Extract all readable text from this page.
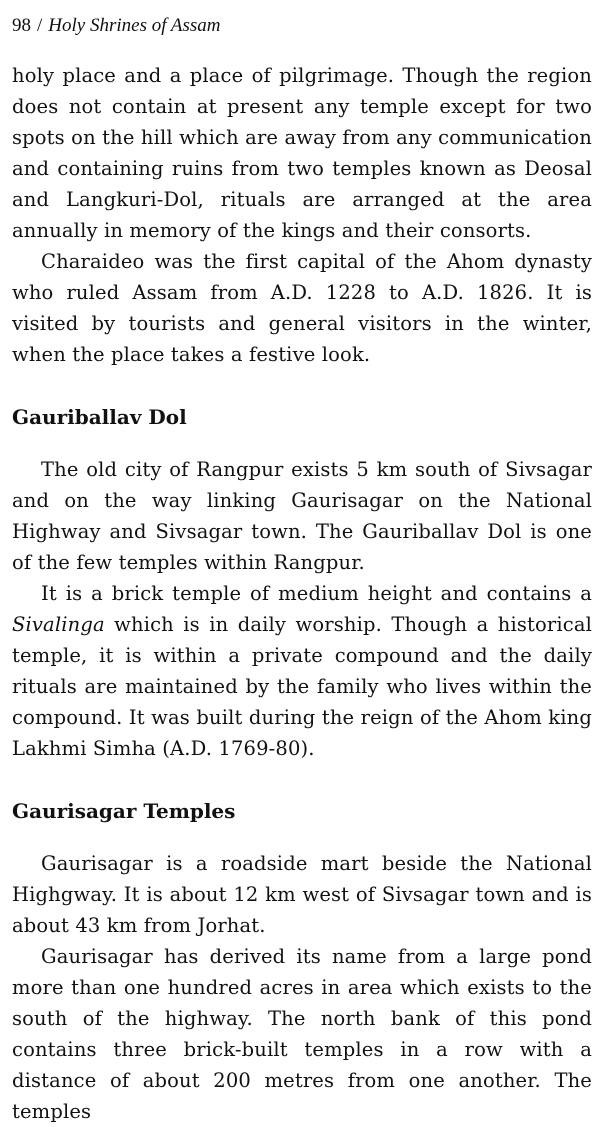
98 / Holy Shrines of Assam

holy place and a place of pilgrimage. Though the region does not contain at present any temple except for two spots on the hill which are away from any communication and containing ruins from two temples known as Deosal and Langkuri-Dol, rituals are arranged at the area annually in memory of the kings and their consorts.

Charaideo was the first capital of the Ahom dynasty who ruled Assam from A.D. 1228 to A.D. 1826. It is visited by tourists and general visitors in the winter, when the place takes a festive look.

Gauriballav Dol

The old city of Rangpur exists 5 km south of Sivsagar and on the way linking Gaurisagar on the National Highway and Sivsagar town. The Gauriballav Dol is one of the few temples within Rangpur.

It is a brick temple of medium height and contains a Sivalinga which is in daily worship. Though a historical temple, it is within a private compound and the daily rituals are maintained by the family who lives within the compound. It was built during the reign of the Ahom king Lakhmi Simha (A.D. 1769-80).

Gaurisagar Temples

Gaurisagar is a roadside mart beside the National Highgway. It is about 12 km west of Sivsagar town and is about 43 km from Jorhat.

Gaurisagar has derived its name from a large pond more than one hundred acres in area which exists to the south of the highway. The north bank of this pond contains three brick-built temples in a row with a distance of about 200 metres from one another. The temples
